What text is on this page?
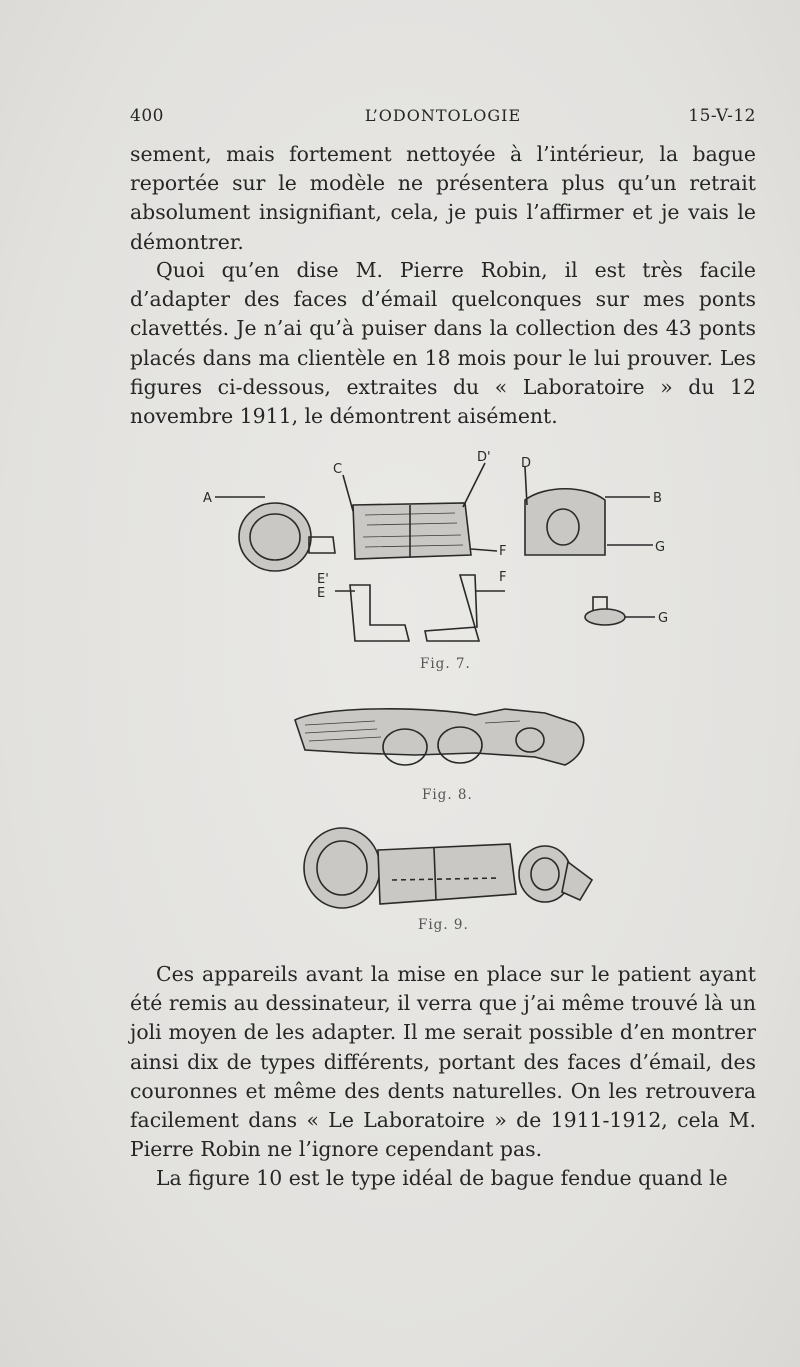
400	L’ODONTOLOGIE	15-V-12

sement, mais fortement nettoyée à l’intérieur, la bague reportée sur le modèle ne présentera plus qu’un retrait absolument insignifiant, cela, je puis l’affirmer et je vais le démontrer.

Quoi qu’en dise M. Pierre Robin, il est très facile d’adapter des faces d’émail quelconques sur mes ponts clavettés. Je n’ai qu’à puiser dans la collection des 43 ponts placés dans ma clientèle en 18 mois pour le lui prouver. Les figures ci-dessous, extraites du « Laboratoire » du 12 novembre 1911, le démontrent aisément.

A
C
D' D
B
G
G
E'
E
F
F
Fig. 7.
Fig. 8.
Fig. 9.

Ces appareils avant la mise en place sur le patient ayant été remis au dessinateur, il verra que j’ai même trouvé là un joli moyen de les adapter. Il me serait possible d’en montrer ainsi dix de types différents, portant des faces d’émail, des couronnes et même des dents naturelles. On les retrouvera facilement dans « Le Laboratoire » de 1911-1912, cela M. Pierre Robin ne l’ignore cependant pas.

La figure 10 est le type idéal de bague fendue quand le
